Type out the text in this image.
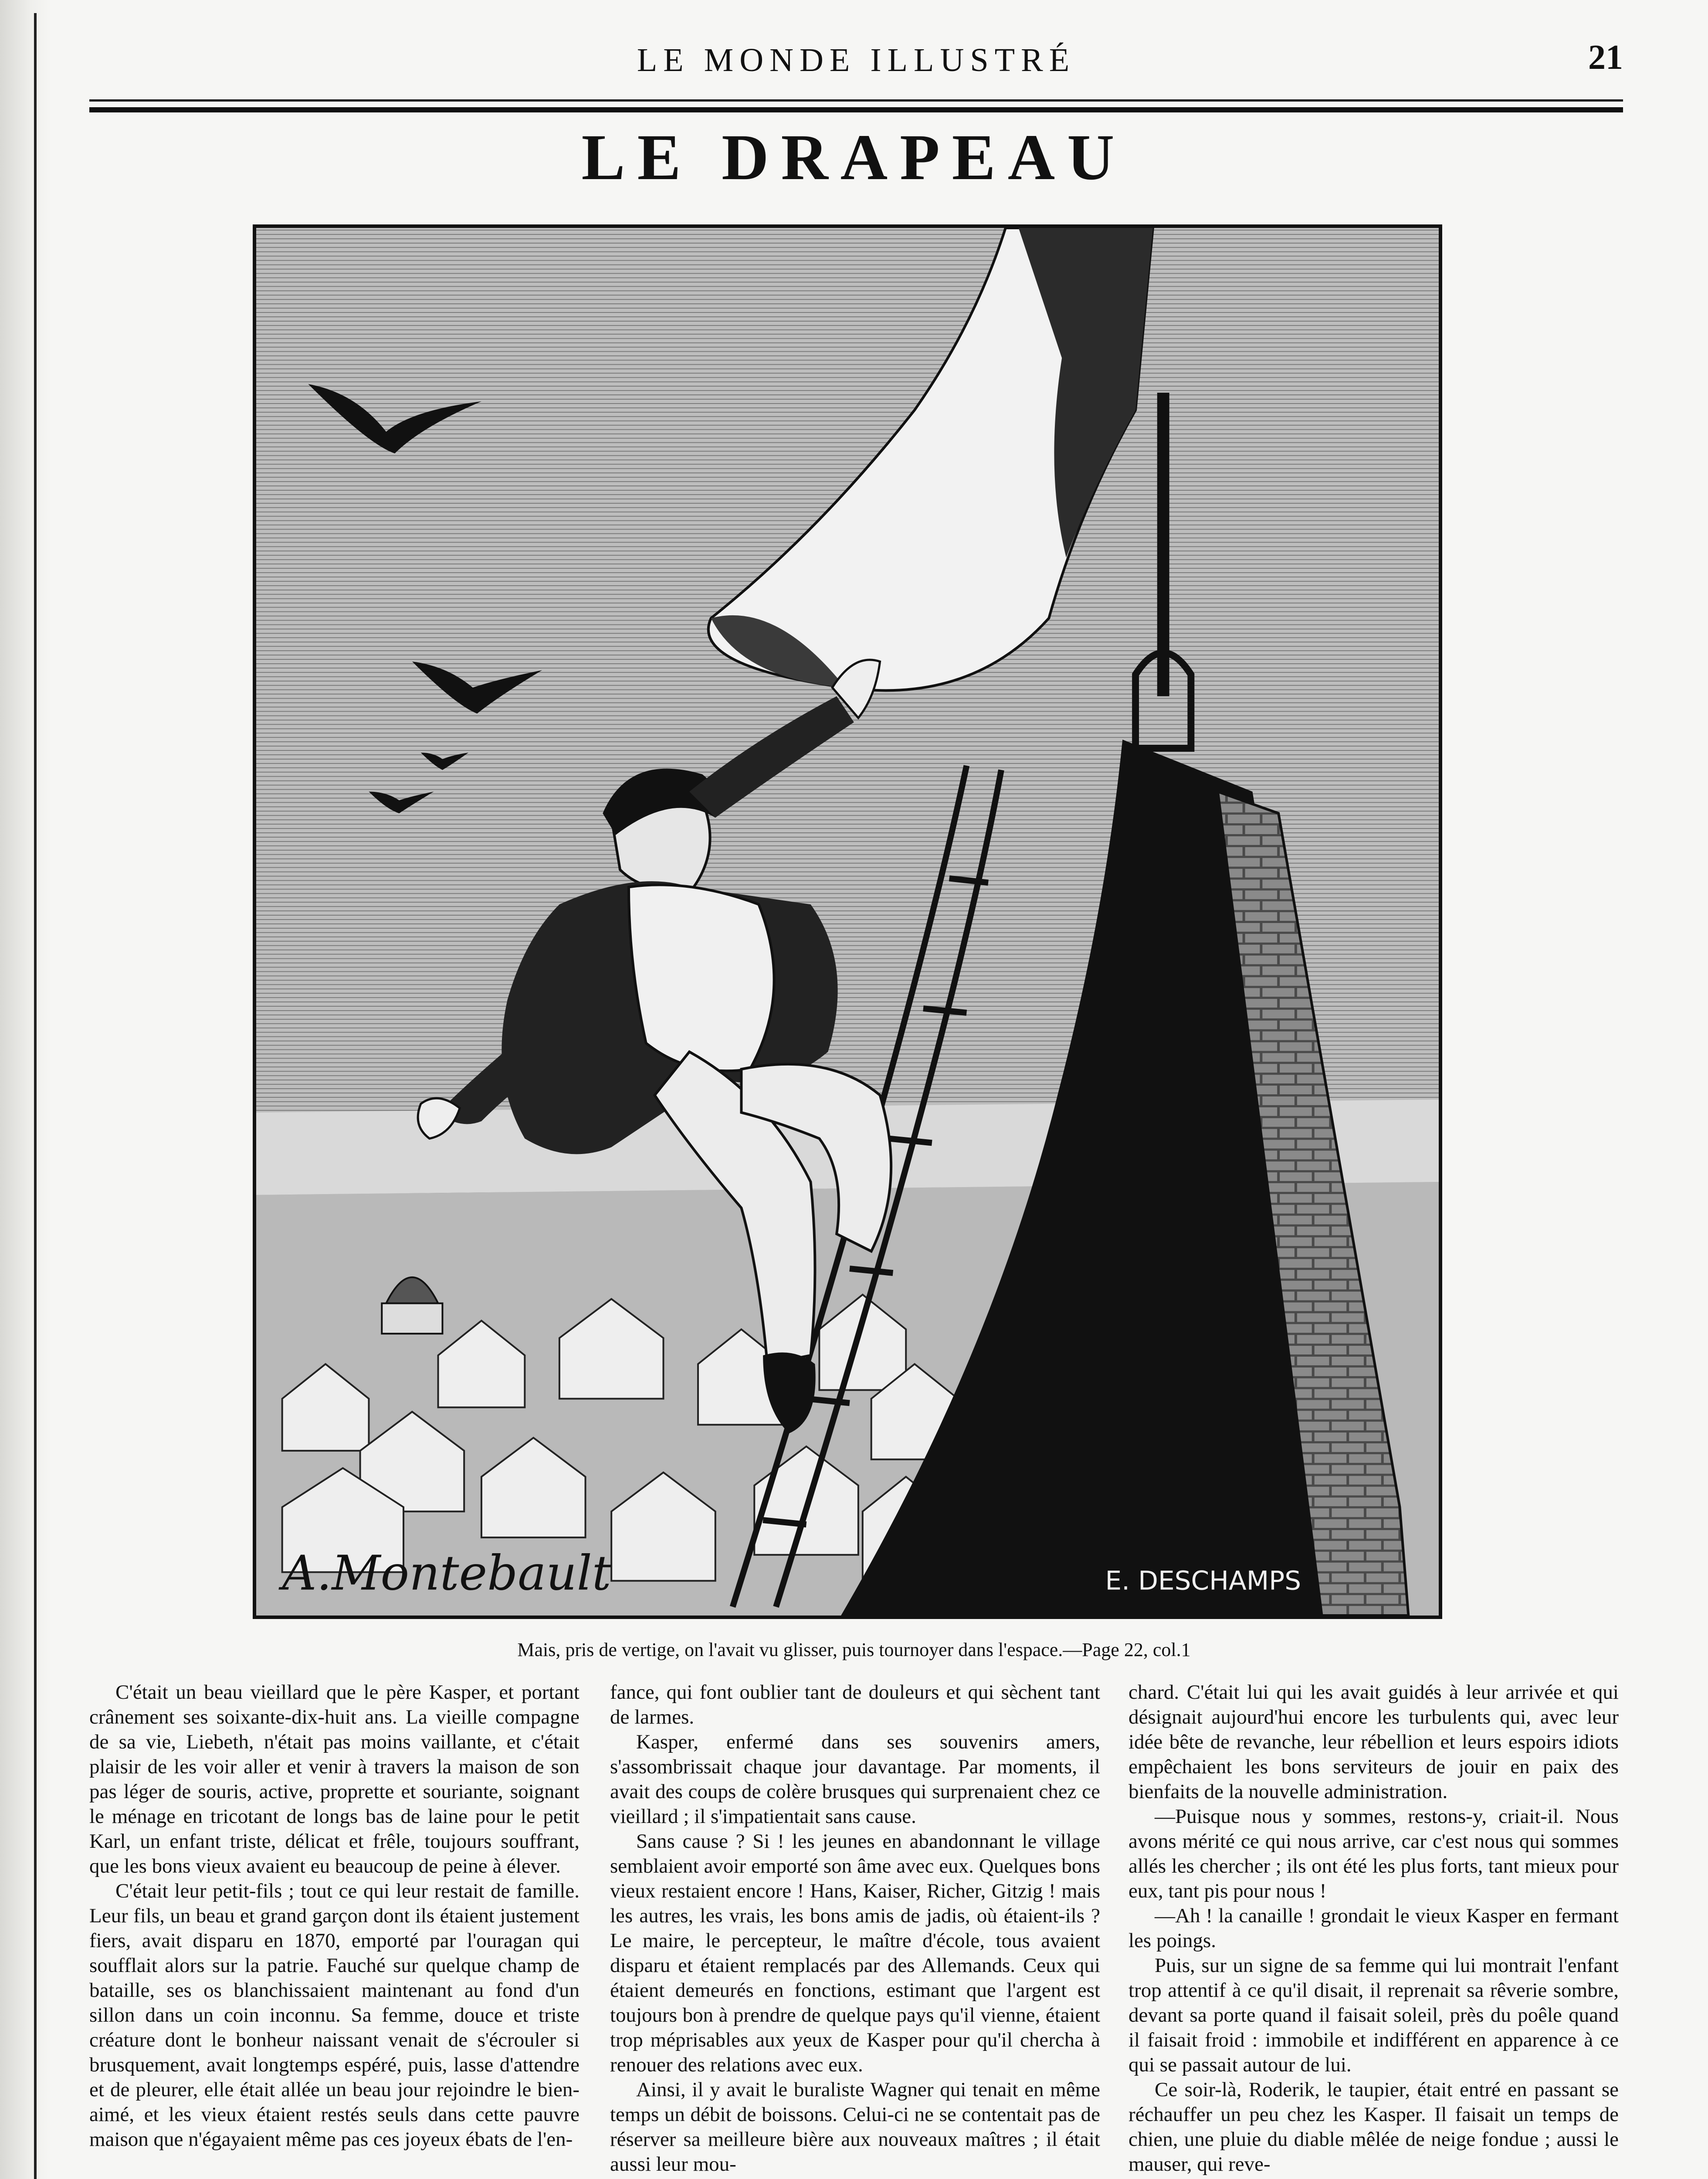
LE MONDE ILLUSTRÉ	21
LE DRAPEAU
A.Montebault	E. DESCHAMPS
Mais, pris de vertige, on l'avait vu glisser, puis tournoyer dans l'espace.—Page 22, col.1

C'était un beau vieillard que le père Kasper, et portant crânement ses soixante-dix-huit ans. La vieille compagne de sa vie, Liebeth, n'était pas moins vaillante, et c'était plaisir de les voir aller et venir à travers la maison de son pas léger de souris, active, proprette et souriante, soignant le ménage en tricotant de longs bas de laine pour le petit Karl, un enfant triste, délicat et frêle, toujours souffrant, que les bons vieux avaient eu beaucoup de peine à élever.

C'était leur petit-fils ; tout ce qui leur restait de famille. Leur fils, un beau et grand garçon dont ils étaient justement fiers, avait disparu en 1870, emporté par l'ouragan qui soufflait alors sur la patrie. Fauché sur quelque champ de bataille, ses os blanchissaient maintenant au fond d'un sillon dans un coin inconnu. Sa femme, douce et triste créature dont le bonheur naissant venait de s'écrouler si brusquement, avait longtemps espéré, puis, lasse d'attendre et de pleurer, elle était allée un beau jour rejoindre le bien-aimé, et les vieux étaient restés seuls dans cette pauvre maison que n'égayaient même pas ces joyeux ébats de l'en-

fance, qui font oublier tant de douleurs et qui sèchent tant de larmes.

Kasper, enfermé dans ses souvenirs amers, s'assombrissait chaque jour davantage. Par moments, il avait des coups de colère brusques qui surprenaient chez ce vieillard ; il s'impatientait sans cause.

Sans cause ? Si ! les jeunes en abandonnant le village semblaient avoir emporté son âme avec eux. Quelques bons vieux restaient encore ! Hans, Kaiser, Richer, Gitzig ! mais les autres, les vrais, les bons amis de jadis, où étaient-ils ? Le maire, le percepteur, le maître d'école, tous avaient disparu et étaient remplacés par des Allemands. Ceux qui étaient demeurés en fonctions, estimant que l'argent est toujours bon à prendre de quelque pays qu'il vienne, étaient trop méprisables aux yeux de Kasper pour qu'il chercha à renouer des relations avec eux.

Ainsi, il y avait le buraliste Wagner qui tenait en même temps un débit de boissons. Celui-ci ne se contentait pas de réserver sa meilleure bière aux nouveaux maîtres ; il était aussi leur mou-

chard. C'était lui qui les avait guidés à leur arrivée et qui désignait aujourd'hui encore les turbulents qui, avec leur idée bête de revanche, leur rébellion et leurs espoirs idiots empêchaient les bons serviteurs de jouir en paix des bienfaits de la nouvelle administration.

—Puisque nous y sommes, restons-y, criait-il. Nous avons mérité ce qui nous arrive, car c'est nous qui sommes allés les chercher ; ils ont été les plus forts, tant mieux pour eux, tant pis pour nous !

—Ah ! la canaille ! grondait le vieux Kasper en fermant les poings.

Puis, sur un signe de sa femme qui lui montrait l'enfant trop attentif à ce qu'il disait, il reprenait sa rêverie sombre, devant sa porte quand il faisait soleil, près du poêle quand il faisait froid : immobile et indifférent en apparence à ce qui se passait autour de lui.

Ce soir-là, Roderik, le taupier, était entré en passant se réchauffer un peu chez les Kasper. Il faisait un temps de chien, une pluie du diable mêlée de neige fondue ; aussi le mauser, qui reve-
